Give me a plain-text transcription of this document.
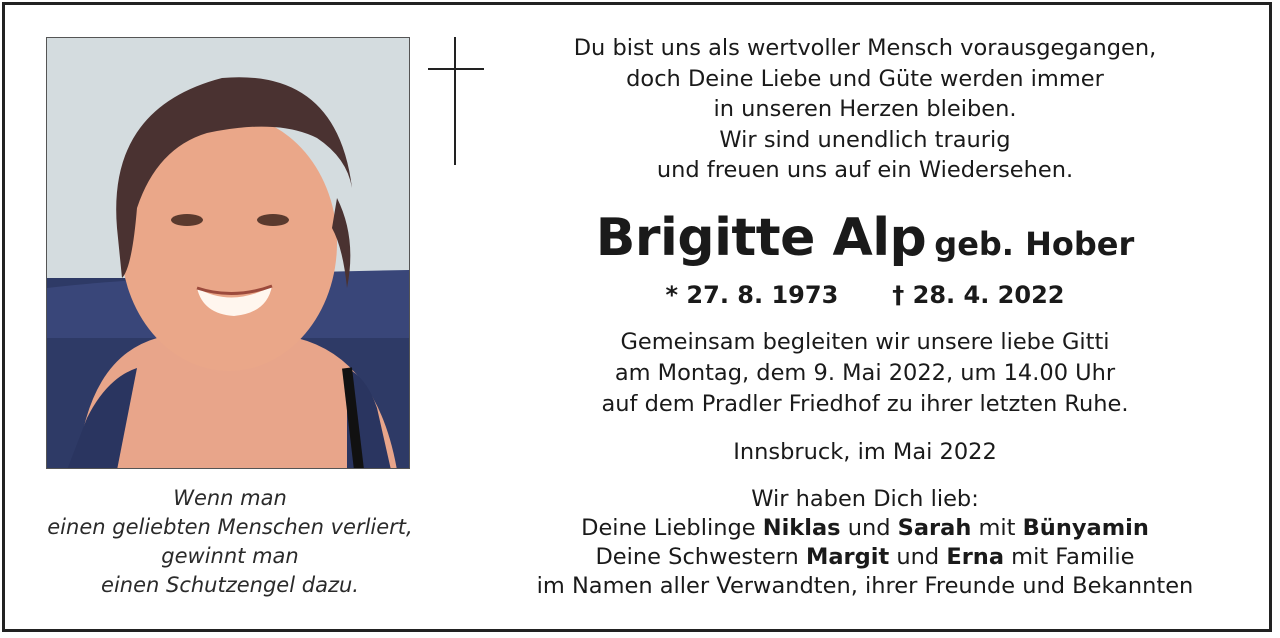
Du bist uns als wertvoller Mensch vorausgegangen,
doch Deine Liebe und Güte werden immer
in unseren Herzen bleiben.
Wir sind unendlich traurig
und freuen uns auf ein Wiedersehen.
Brigitte Alp geb. Hober
* 27. 8. 1973 † 28. 4. 2022
Gemeinsam begleiten wir unsere liebe Gitti
am Montag, dem 9. Mai 2022, um 14.00 Uhr
auf dem Pradler Friedhof zu ihrer letzten Ruhe.
Innsbruck, im Mai 2022
Wir haben Dich lieb:
Deine Lieblinge Niklas und Sarah mit Bünyamin
Deine Schwestern Margit und Erna mit Familie
im Namen aller Verwandten, ihrer Freunde und Bekannten
Wenn man
einen geliebten Menschen verliert,
gewinnt man
einen Schutzengel dazu.
